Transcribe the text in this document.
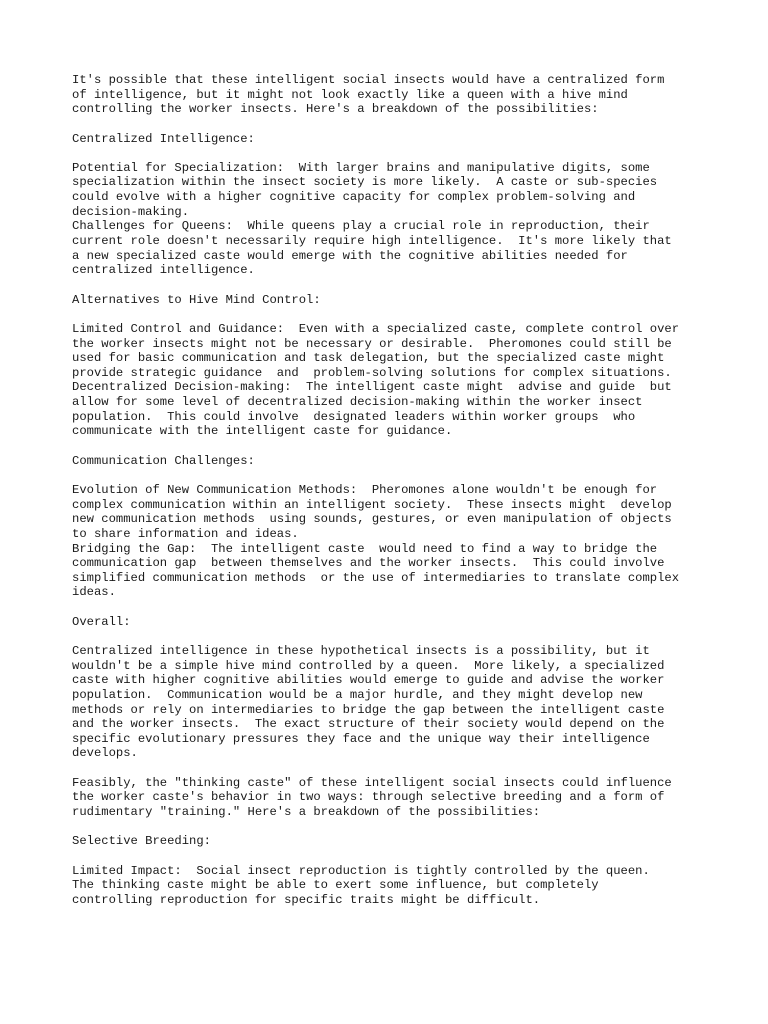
It's possible that these intelligent social insects would have a centralized form
of intelligence, but it might not look exactly like a queen with a hive mind
controlling the worker insects. Here's a breakdown of the possibilities:
Centralized Intelligence:
Potential for Specialization:  With larger brains and manipulative digits, some
specialization within the insect society is more likely.  A caste or sub-species
could evolve with a higher cognitive capacity for complex problem-solving and
decision-making.
Challenges for Queens:  While queens play a crucial role in reproduction, their
current role doesn't necessarily require high intelligence.  It's more likely that
a new specialized caste would emerge with the cognitive abilities needed for
centralized intelligence.
Alternatives to Hive Mind Control:
Limited Control and Guidance:  Even with a specialized caste, complete control over
the worker insects might not be necessary or desirable.  Pheromones could still be
used for basic communication and task delegation, but the specialized caste might
provide strategic guidance  and  problem-solving solutions for complex situations.
Decentralized Decision-making:  The intelligent caste might  advise and guide  but
allow for some level of decentralized decision-making within the worker insect
population.  This could involve  designated leaders within worker groups  who
communicate with the intelligent caste for guidance.
Communication Challenges:
Evolution of New Communication Methods:  Pheromones alone wouldn't be enough for
complex communication within an intelligent society.  These insects might  develop
new communication methods  using sounds, gestures, or even manipulation of objects
to share information and ideas.
Bridging the Gap:  The intelligent caste  would need to find a way to bridge the
communication gap  between themselves and the worker insects.  This could involve
simplified communication methods  or the use of intermediaries to translate complex
ideas.
Overall:
Centralized intelligence in these hypothetical insects is a possibility, but it
wouldn't be a simple hive mind controlled by a queen.  More likely, a specialized
caste with higher cognitive abilities would emerge to guide and advise the worker
population.  Communication would be a major hurdle, and they might develop new
methods or rely on intermediaries to bridge the gap between the intelligent caste
and the worker insects.  The exact structure of their society would depend on the
specific evolutionary pressures they face and the unique way their intelligence
develops.
Feasibly, the "thinking caste" of these intelligent social insects could influence
the worker caste's behavior in two ways: through selective breeding and a form of
rudimentary "training." Here's a breakdown of the possibilities:
Selective Breeding:
Limited Impact:  Social insect reproduction is tightly controlled by the queen.
The thinking caste might be able to exert some influence, but completely
controlling reproduction for specific traits might be difficult.
